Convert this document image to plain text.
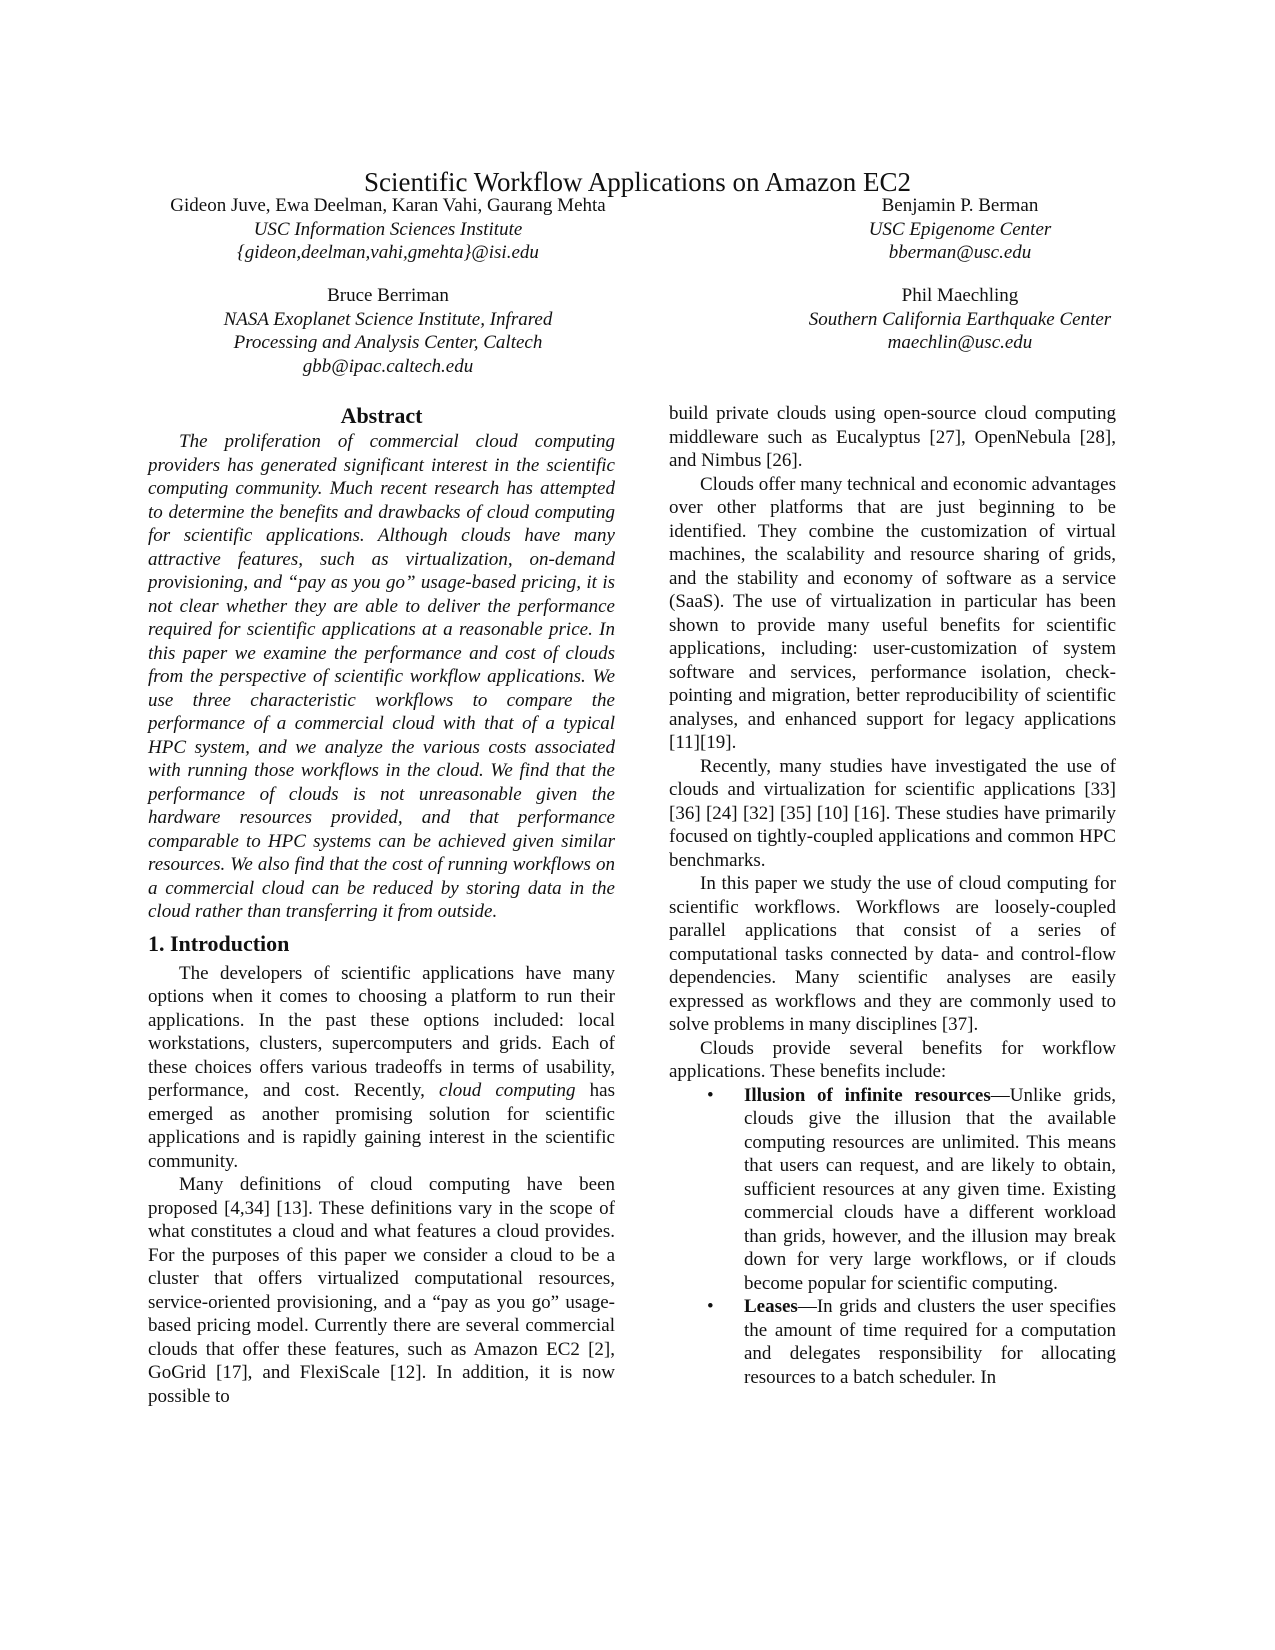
Scientific Workflow Applications on Amazon EC2
Gideon Juve, Ewa Deelman, Karan Vahi, Gaurang Mehta
USC Information Sciences Institute
{gideon,deelman,vahi,gmehta}@isi.edu
Benjamin P. Berman
USC Epigenome Center
bberman@usc.edu
Bruce Berriman
NASA Exoplanet Science Institute, Infrared
Processing and Analysis Center, Caltech
gbb@ipac.caltech.edu
Phil Maechling
Southern California Earthquake Center
maechlin@usc.edu
Abstract

The proliferation of commercial cloud computing providers has generated significant interest in the scientific computing community. Much recent research has attempted to determine the benefits and drawbacks of cloud computing for scientific applications. Although clouds have many attractive features, such as virtualization, on-demand provisioning, and “pay as you go” usage-based pricing, it is not clear whether they are able to deliver the performance required for scientific applications at a reasonable price. In this paper we examine the performance and cost of clouds from the perspective of scientific workflow applications. We use three characteristic workflows to compare the performance of a commercial cloud with that of a typical HPC system, and we analyze the various costs associated with running those workflows in the cloud. We find that the performance of clouds is not unreasonable given the hardware resources provided, and that performance comparable to HPC systems can be achieved given similar resources. We also find that the cost of running workflows on a commercial cloud can be reduced by storing data in the cloud rather than transferring it from outside.

1. Introduction

The developers of scientific applications have many options when it comes to choosing a platform to run their applications. In the past these options included: local workstations, clusters, supercomputers and grids. Each of these choices offers various tradeoffs in terms of usability, performance, and cost. Recently, cloud computing has emerged as another promising solution for scientific applications and is rapidly gaining interest in the scientific community.

Many definitions of cloud computing have been proposed [4,34] [13]. These definitions vary in the scope of what constitutes a cloud and what features a cloud provides. For the purposes of this paper we consider a cloud to be a cluster that offers virtualized computational resources, service-oriented provisioning, and a “pay as you go” usage-based pricing model. Currently there are several commercial clouds that offer these features, such as Amazon EC2 [2], GoGrid [17], and FlexiScale [12]. In addition, it is now possible to

build private clouds using open-source cloud computing middleware such as Eucalyptus [27], OpenNebula [28], and Nimbus [26].

Clouds offer many technical and economic advantages over other platforms that are just beginning to be identified. They combine the customization of virtual machines, the scalability and resource sharing of grids, and the stability and economy of software as a service (SaaS). The use of virtualization in particular has been shown to provide many useful benefits for scientific applications, including: user-customization of system software and services, performance isolation, check-pointing and migration, better reproducibility of scientific analyses, and enhanced support for legacy applications [11][19].

Recently, many studies have investigated the use of clouds and virtualization for scientific applications [33] [36] [24] [32] [35] [10] [16]. These studies have primarily focused on tightly-coupled applications and common HPC benchmarks.

In this paper we study the use of cloud computing for scientific workflows. Workflows are loosely-coupled parallel applications that consist of a series of computational tasks connected by data- and control-flow dependencies. Many scientific analyses are easily expressed as workflows and they are commonly used to solve problems in many disciplines [37].

Clouds provide several benefits for workflow applications. These benefits include:

• Illusion of infinite resources—Unlike grids, clouds give the illusion that the available computing resources are unlimited. This means that users can request, and are likely to obtain, sufficient resources at any given time. Existing commercial clouds have a different workload than grids, however, and the illusion may break down for very large workflows, or if clouds become popular for scientific computing.
• Leases—In grids and clusters the user specifies the amount of time required for a computation and delegates responsibility for allocating resources to a batch scheduler. In
